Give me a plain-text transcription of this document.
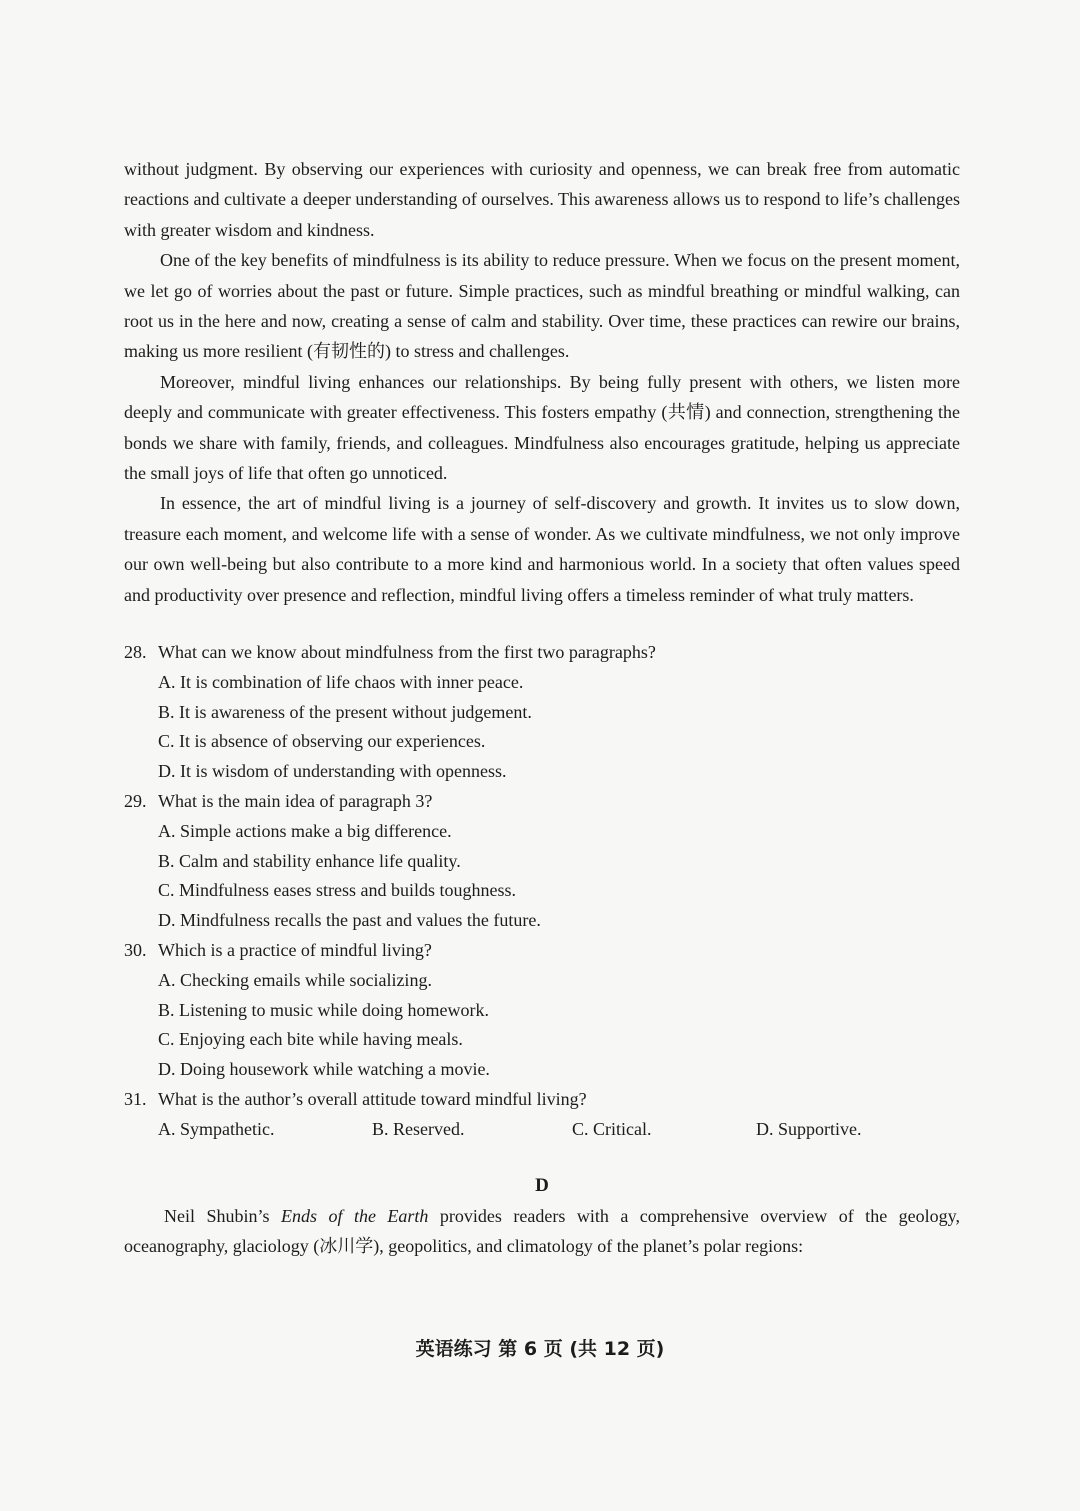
without judgment. By observing our experiences with curiosity and openness, we can break free from automatic reactions and cultivate a deeper understanding of ourselves. This awareness allows us to respond to life’s challenges with greater wisdom and kindness.

One of the key benefits of mindfulness is its ability to reduce pressure. When we focus on the present moment, we let go of worries about the past or future. Simple practices, such as mindful breathing or mindful walking, can root us in the here and now, creating a sense of calm and stability. Over time, these practices can rewire our brains, making us more resilient (有韧性的) to stress and challenges.

Moreover, mindful living enhances our relationships. By being fully present with others, we listen more deeply and communicate with greater effectiveness. This fosters empathy (共情) and connection, strengthening the bonds we share with family, friends, and colleagues. Mindfulness also encourages gratitude, helping us appreciate the small joys of life that often go unnoticed.

In essence, the art of mindful living is a journey of self-discovery and growth. It invites us to slow down, treasure each moment, and welcome life with a sense of wonder. As we cultivate mindfulness, we not only improve our own well-being but also contribute to a more kind and harmonious world. In a society that often values speed and productivity over presence and reflection, mindful living offers a timeless reminder of what truly matters.

28. What can we know about mindfulness from the first two paragraphs?
A. It is combination of life chaos with inner peace.
B. It is awareness of the present without judgement.
C. It is absence of observing our experiences.
D. It is wisdom of understanding with openness.
29. What is the main idea of paragraph 3?
A. Simple actions make a big difference.
B. Calm and stability enhance life quality.
C. Mindfulness eases stress and builds toughness.
D. Mindfulness recalls the past and values the future.
30. Which is a practice of mindful living?
A. Checking emails while socializing.
B. Listening to music while doing homework.
C. Enjoying each bite while having meals.
D. Doing housework while watching a movie.
31. What is the author’s overall attitude toward mindful living?
A. Sympathetic.	B. Reserved.	C. Critical.	D. Supportive.
D

Neil Shubin’s Ends of the Earth provides readers with a comprehensive overview of the geology, oceanography, glaciology (冰川学), geopolitics, and climatology of the planet’s polar regions:

英语练习 第 6 页 (共 12 页)
